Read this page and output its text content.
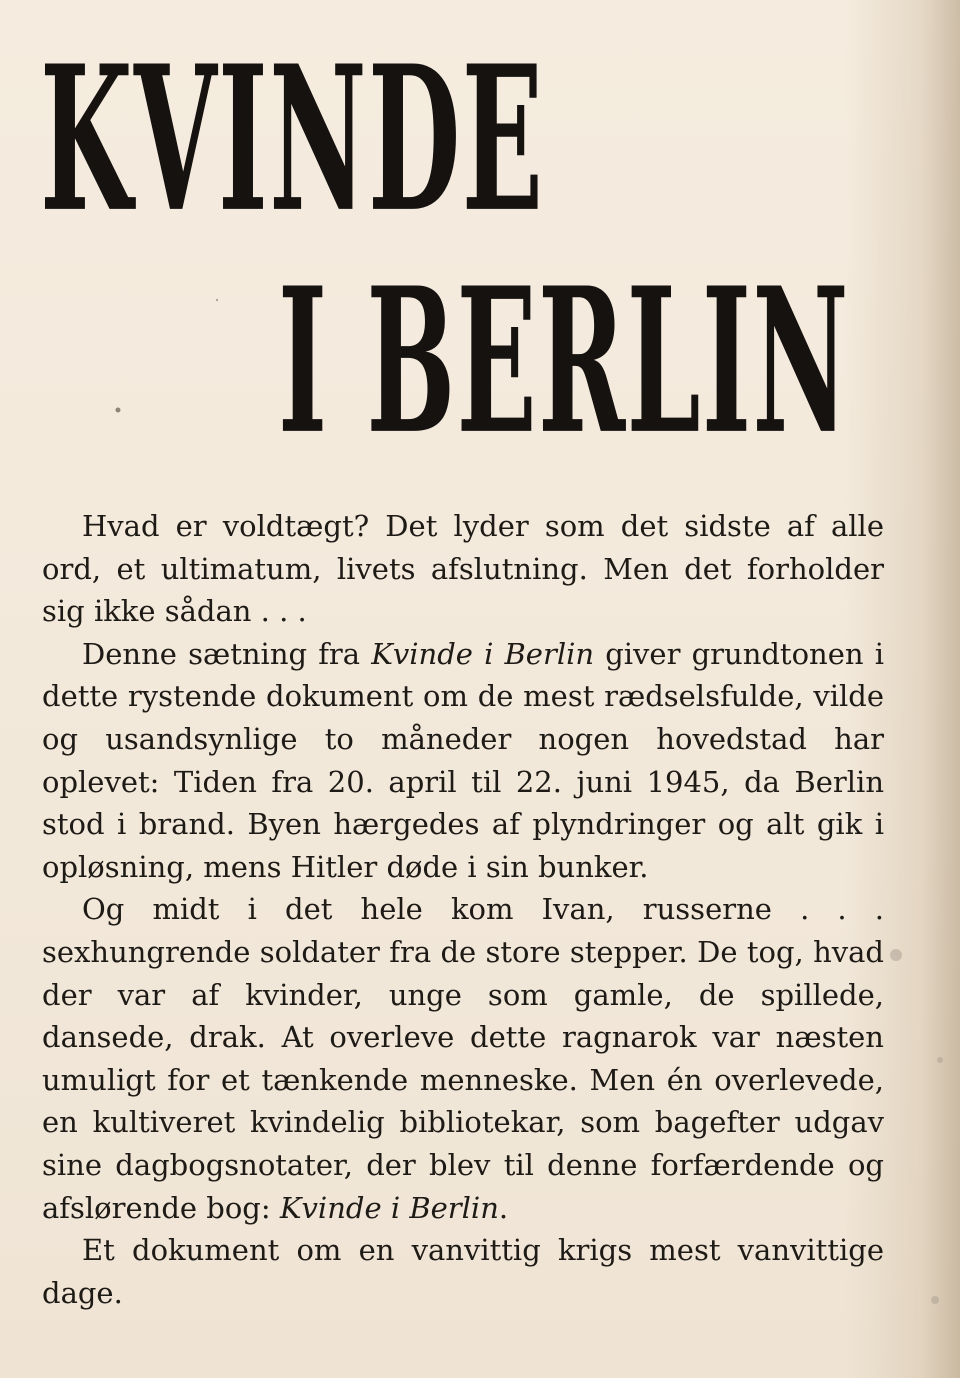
KVINDE
I BERLIN

Hvad er voldtægt? Det lyder som det sidste af alle ord, et ultimatum, livets afslutning. Men det forholder sig ikke sådan . . .

Denne sætning fra Kvinde i Berlin giver grundtonen i dette rystende dokument om de mest rædselsfulde, vilde og usandsynlige to måneder nogen hovedstad har oplevet: Tiden fra 20. april til 22. juni 1945, da Berlin stod i brand. Byen hærgedes af plyndringer og alt gik i opløsning, mens Hitler døde i sin bunker.

Og midt i det hele kom Ivan, russerne . . . sexhungrende soldater fra de store stepper. De tog, hvad der var af kvinder, unge som gamle, de spillede, dansede, drak. At overleve dette ragnarok var næsten umuligt for et tænkende menneske. Men én overlevede, en kultiveret kvindelig bibliotekar, som bagefter udgav sine dagbogsnotater, der blev til denne forfærdende og afslørende bog: Kvinde i Berlin.

Et dokument om en vanvittig krigs mest vanvittige dage.
